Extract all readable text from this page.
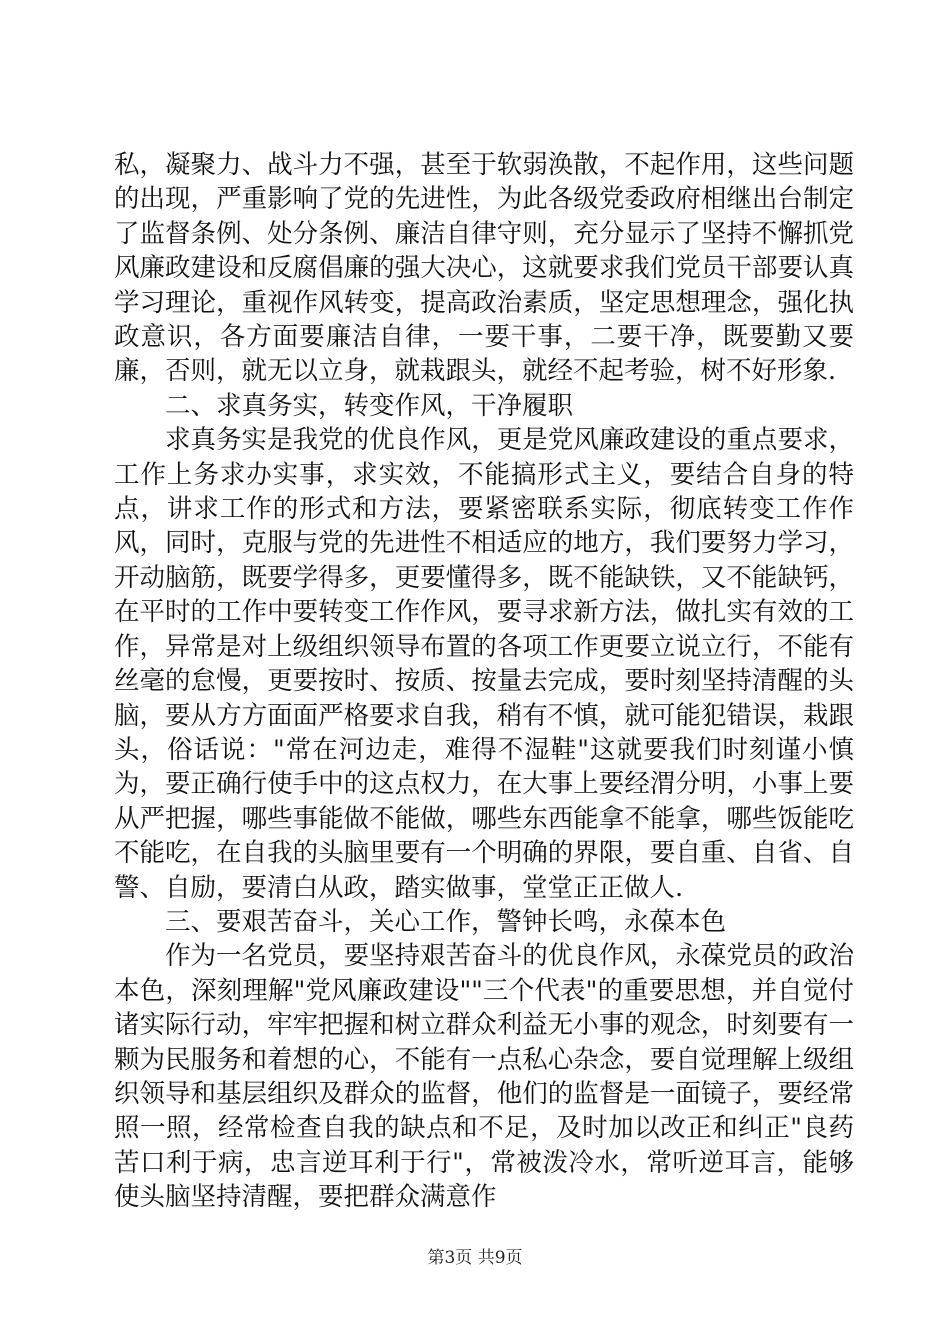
私，凝聚力、战斗力不强，甚至于软弱涣散，不起作用，这些问题的出现，严重影响了党的先进性，为此各级党委政府相继出台制定了监督条例、处分条例、廉洁自律守则，充分显示了坚持不懈抓党风廉政建设和反腐倡廉的强大决心，这就要求我们党员干部要认真学习理论，重视作风转变，提高政治素质，坚定思想理念，强化执政意识，各方面要廉洁自律，一要干事，二要干净，既要勤又要廉，否则，就无以立身，就栽跟头，就经不起考验，树不好形象.

二、求真务实，转变作风，干净履职

求真务实是我党的优良作风，更是党风廉政建设的重点要求，工作上务求办实事，求实效，不能搞形式主义，要结合自身的特点，讲求工作的形式和方法，要紧密联系实际，彻底转变工作作风，同时，克服与党的先进性不相适应的地方，我们要努力学习，开动脑筋，既要学得多，更要懂得多，既不能缺铁，又不能缺钙，在平时的工作中要转变工作作风，要寻求新方法，做扎实有效的工作，异常是对上级组织领导布置的各项工作更要立说立行，不能有丝毫的怠慢，更要按时、按质、按量去完成，要时刻坚持清醒的头脑，要从方方面面严格要求自我，稍有不慎，就可能犯错误，栽跟头，俗话说："常在河边走，难得不湿鞋"这就要我们时刻谨小慎为，要正确行使手中的这点权力，在大事上要经渭分明，小事上要从严把握，哪些事能做不能做，哪些东西能拿不能拿，哪些饭能吃不能吃，在自我的头脑里要有一个明确的界限，要自重、自省、自警、自励，要清白从政，踏实做事，堂堂正正做人.

三、要艰苦奋斗，关心工作，警钟长鸣，永葆本色

作为一名党员，要坚持艰苦奋斗的优良作风，永葆党员的政治本色，深刻理解"党风廉政建设""三个代表"的重要思想，并自觉付诸实际行动，牢牢把握和树立群众利益无小事的观念，时刻要有一颗为民服务和着想的心，不能有一点私心杂念，要自觉理解上级组织领导和基层组织及群众的监督，他们的监督是一面镜子，要经常照一照，经常检查自我的缺点和不足，及时加以改正和纠正"良药苦口利于病，忠言逆耳利于行"，常被泼冷水，常听逆耳言，能够使头脑坚持清醒，要把群众满意作

第3页 共9页
